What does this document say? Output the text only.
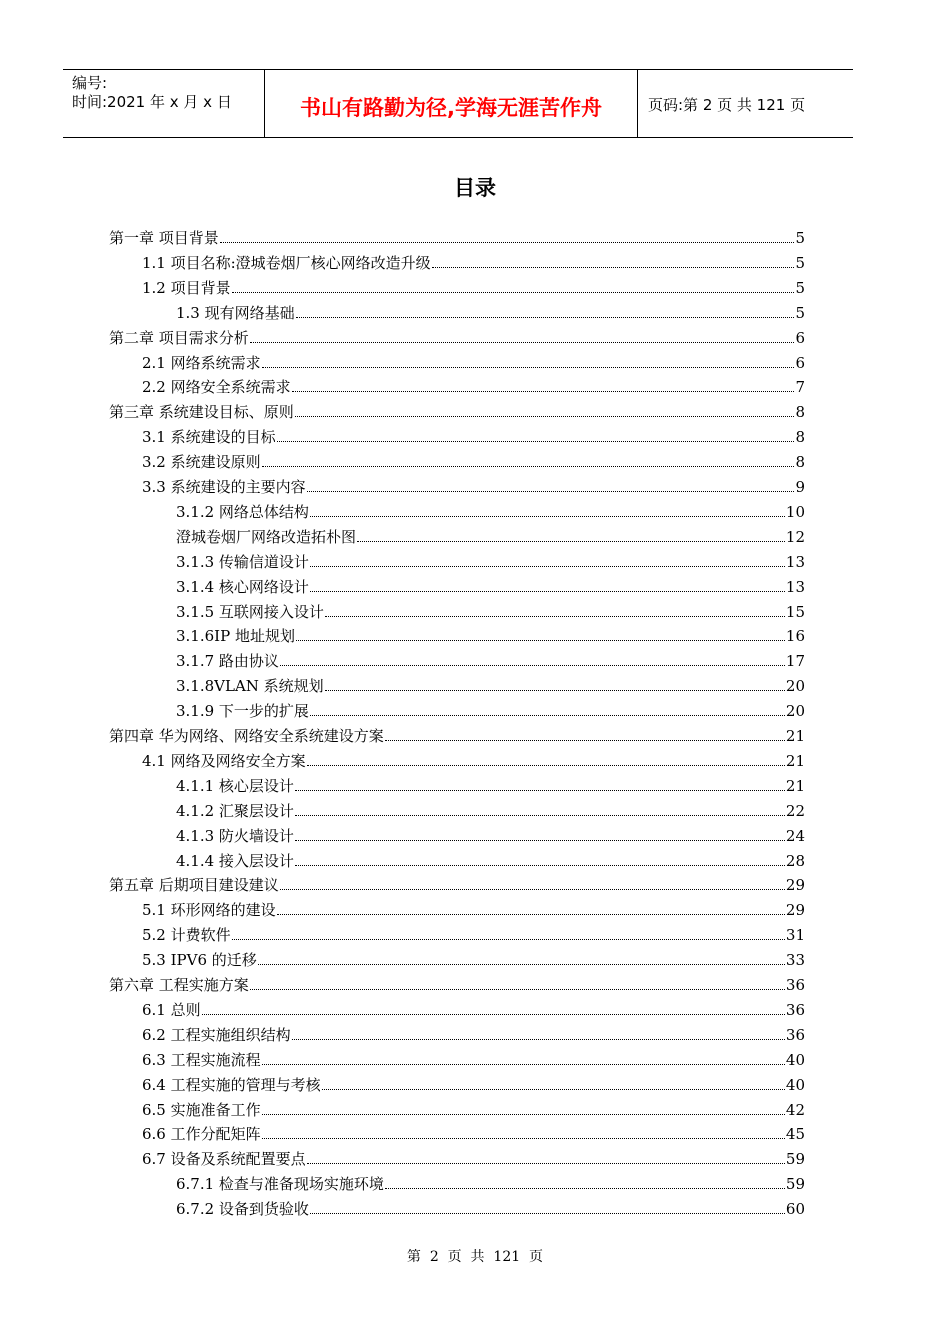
编号:
时间:2021 年 x 月 x 日	书山有路勤为径,学海无涯苦作舟	页码:第 2 页 共 121 页
目录
第一章 项目背景	5
1.1 项目名称:澄城卷烟厂核心网络改造升级	5
1.2 项目背景	5
1.3 现有网络基础	5
第二章 项目需求分析	6
2.1 网络系统需求	6
2.2 网络安全系统需求	7
第三章 系统建设目标、原则	8
3.1 系统建设的目标	8
3.2 系统建设原则	8
3.3 系统建设的主要内容	9
3.1.2 网络总体结构	10
澄城卷烟厂网络改造拓朴图	12
3.1.3 传输信道设计	13
3.1.4 核心网络设计	13
3.1.5 互联网接入设计	15
3.1.6IP 地址规划	16
3.1.7 路由协议	17
3.1.8VLAN 系统规划	20
3.1.9 下一步的扩展	20
第四章 华为网络、网络安全系统建设方案	21
4.1 网络及网络安全方案	21
4.1.1 核心层设计	21
4.1.2 汇聚层设计	22
4.1.3 防火墙设计	24
4.1.4 接入层设计	28
第五章 后期项目建设建议	29
5.1 环形网络的建设	29
5.2 计费软件	31
5.3 IPV6 的迁移	33
第六章 工程实施方案	36
6.1 总则	36
6.2 工程实施组织结构	36
6.3 工程实施流程	40
6.4 工程实施的管理与考核	40
6.5 实施准备工作	42
6.6 工作分配矩阵	45
6.7 设备及系统配置要点	59
6.7.1 检查与准备现场实施环境	59
6.7.2 设备到货验收	60
第  2  页  共  121  页
